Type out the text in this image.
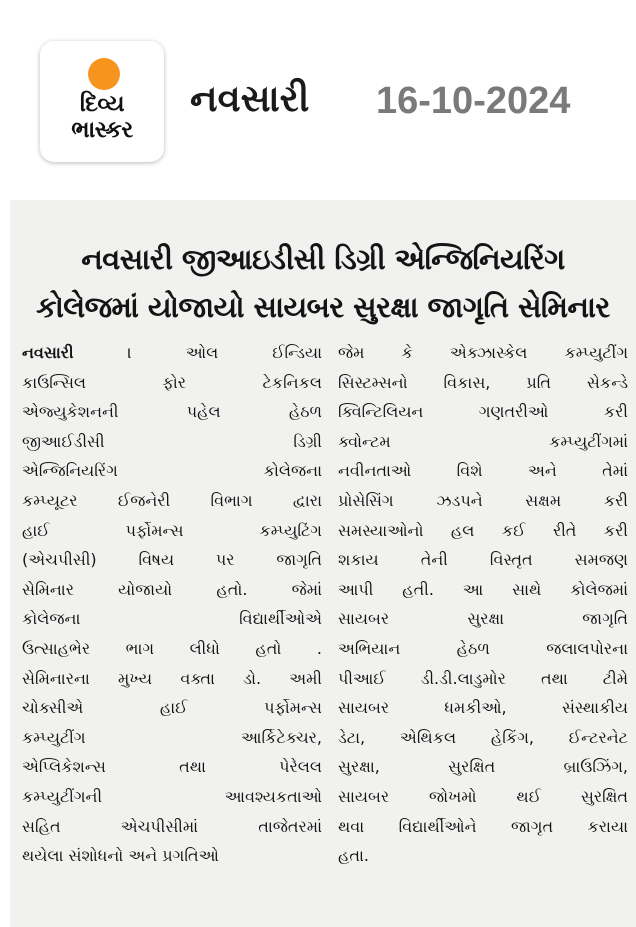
દિવ્ય
ભાસ્કર
નવસારી 16-10-2024
નવસારી જીઆઇડીસી ડિગ્રી એન્જિનિયરિંગ
કોલેજમાં યોજાયો સાયબર સુરક્ષા જાગૃતિ સેમિનાર
નવસારી	। ઓલ ઈન્ડિયા
કાઉન્સિલ ફોર ટેકનિકલ
એજ્યુકેશનની પહેલ હેઠળ
જીઆઈડીસી ડિગ્રી
એન્જિનિયરિંગ કોલેજના
કમ્પ્યૂટર ઈજનેરી વિભાગ દ્વારા
હાઈ પર્ફોમન્સ કમ્પ્યુટિંગ
(એચપીસી) વિષય પર જાગૃતિ
સેમિનાર યોજાયો હતો. જેમાં
કોલેજના વિદ્યાર્થીઓએ
ઉત્સાહભેર ભાગ લીધો હતો .
સેમિનારના મુખ્ય વક્તા ડો. અમી
ચોક્સીએ હાઈ પર્ફોમન્સ
કમ્પ્યુટીંગ આર્કિટેક્ચર,
એપ્લિકેશન્સ તથા પેરેલલ
કમ્પ્યુટીંગની આવશ્યકતાઓ
સહિત એચપીસીમાં તાજેતરમાં
થયેલા સંશોધનો અને પ્રગતિઓ
જેમ કે એક્ઝાસ્કેલ કમ્પ્યુટીંગ
સિસ્ટમ્સનો વિકાસ, પ્રતિ સેકન્ડે
ક્વિન્ટિલિયન ગણતરીઓ કરી
ક્વોન્ટમ કમ્પ્યુટીંગમાં
નવીનતાઓ વિશે અને તેમાં
પ્રોસેસિંગ ઝડપને સક્ષમ કરી
સમસ્યાઓનો હલ કઈ રીતે કરી
શકાય તેની વિસ્તૃત સમજણ
આપી હતી. આ સાથે કોલેજમાં
સાયબર સુરક્ષા જાગૃતિ
અભિયાન હેઠળ જલાલપોરના
પીઆઈ ડી.ડી.લાડુમોર તથા ટીમે
સાયબર ધમકીઓ, સંસ્થાકીય
ડેટા, એથિકલ હેકિંગ, ઈન્ટરનેટ
સુરક્ષા, સુરક્ષિત બ્રાઉઝિંગ,
સાયબર જોખમો થઈ સુરક્ષિત
થવા વિદ્યાર્થીઓને જાગૃત કરાયા
હતા.
